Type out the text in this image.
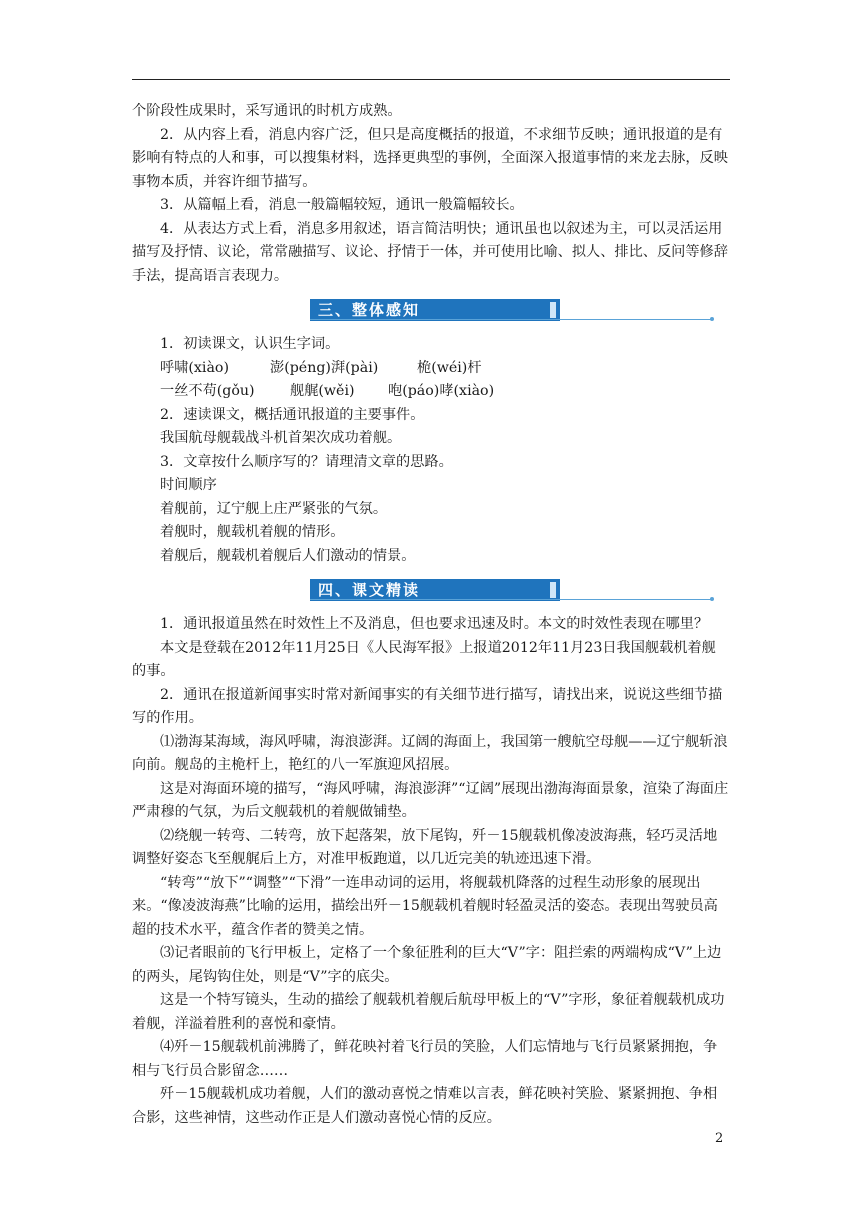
个阶段性成果时，采写通讯的时机方成熟。

2．从内容上看，消息内容广泛，但只是高度概括的报道，不求细节反映；通讯报道的是有影响有特点的人和事，可以搜集材料，选择更典型的事例，全面深入报道事情的来龙去脉，反映事物本质，并容许细节描写。

3．从篇幅上看，消息一般篇幅较短，通讯一般篇幅较长。

4．从表达方式上看，消息多用叙述，语言简洁明快；通讯虽也以叙述为主，可以灵活运用描写及抒情、议论，常常融描写、议论、抒情于一体，并可使用比喻、拟人、排比、反问等修辞手法，提高语言表现力。

三、整体感知

1．初读课文，认识生字词。

呼啸(xiào)	澎(péng)湃(pài)	桅(wéi)杆
一丝不苟(gǒu)	舰艉(wěi)	咆(páo)哮(xiào)

2．速读课文，概括通讯报道的主要事件。

我国航母舰载战斗机首架次成功着舰。

3．文章按什么顺序写的？请理清文章的思路。

时间顺序

着舰前，辽宁舰上庄严紧张的气氛。

着舰时，舰载机着舰的情形。

着舰后，舰载机着舰后人们激动的情景。

四、课文精读

1．通讯报道虽然在时效性上不及消息，但也要求迅速及时。本文的时效性表现在哪里？

本文是登载在2012年11月25日《人民海军报》上报道2012年11月23日我国舰载机着舰的事。

2．通讯在报道新闻事实时常对新闻事实的有关细节进行描写，请找出来，说说这些细节描写的作用。

⑴渤海某海域，海风呼啸，海浪澎湃。辽阔的海面上，我国第一艘航空母舰——辽宁舰斩浪向前。舰岛的主桅杆上，艳红的八一军旗迎风招展。

这是对海面环境的描写，“海风呼啸，海浪澎湃”“辽阔”展现出渤海海面景象，渲染了海面庄严肃穆的气氛，为后文舰载机的着舰做铺垫。

⑵绕舰一转弯、二转弯，放下起落架，放下尾钩，歼－15舰载机像凌波海燕，轻巧灵活地调整好姿态飞至舰艉后上方，对准甲板跑道，以几近完美的轨迹迅速下滑。

“转弯”“放下”“调整”“下滑”一连串动词的运用，将舰载机降落的过程生动形象的展现出来。“像凌波海燕”比喻的运用，描绘出歼－15舰载机着舰时轻盈灵活的姿态。表现出驾驶员高超的技术水平，蕴含作者的赞美之情。

⑶记者眼前的飞行甲板上，定格了一个象征胜利的巨大“V”字：阻拦索的两端构成“V”上边的两头，尾钩钩住处，则是“V”字的底尖。

这是一个特写镜头，生动的描绘了舰载机着舰后航母甲板上的“V”字形，象征着舰载机成功着舰，洋溢着胜利的喜悦和豪情。

⑷歼－15舰载机前沸腾了，鲜花映衬着飞行员的笑脸，人们忘情地与飞行员紧紧拥抱，争相与飞行员合影留念……

歼－15舰载机成功着舰，人们的激动喜悦之情难以言表，鲜花映衬笑脸、紧紧拥抱、争相合影，这些神情，这些动作正是人们激动喜悦心情的反应。

2
